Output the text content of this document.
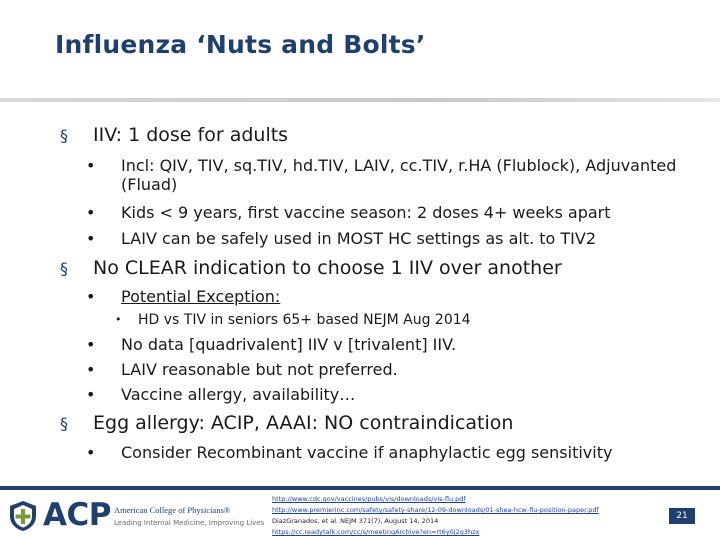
Influenza ‘Nuts and Bolts’
§	IIV: 1 dose for adults
• Incl: QIV, TIV, sq.TIV, hd.TIV, LAIV, cc.TIV, r.HA (Flublock), Adjuvanted (Fluad)
• Kids < 9 years, first vaccine season: 2 doses 4+ weeks apart
• LAIV can be safely used in MOST HC settings as alt. to TIV2
§	No CLEAR indication to choose 1 IIV over another
• Potential Exception:
• HD vs TIV in seniors 65+ based NEJM Aug 2014
• No data [quadrivalent] IIV v [trivalent] IIV.
• LAIV reasonable but not preferred.
• Vaccine allergy, availability…
§	Egg allergy: ACIP, AAAI: NO contraindication
• Consider Recombinant vaccine if anaphylactic egg sensitivity
ACP American College of Physicians®
Leading Internal Medicine, Improving Lives
http://www.cdc.gov/vaccines/pubs/vis/downloads/vis-flu.pdf
http://www.premierinc.com/safety/safety-share/12-09-downloads/01-shea-hcw-flu-position-paper.pdf
DiazGranados, et al. NEJM 371(7), August 14, 2014
https://cc.readytalk.com/cc/s/meetingArchive?en=rt6y0j2g3hzx
21
